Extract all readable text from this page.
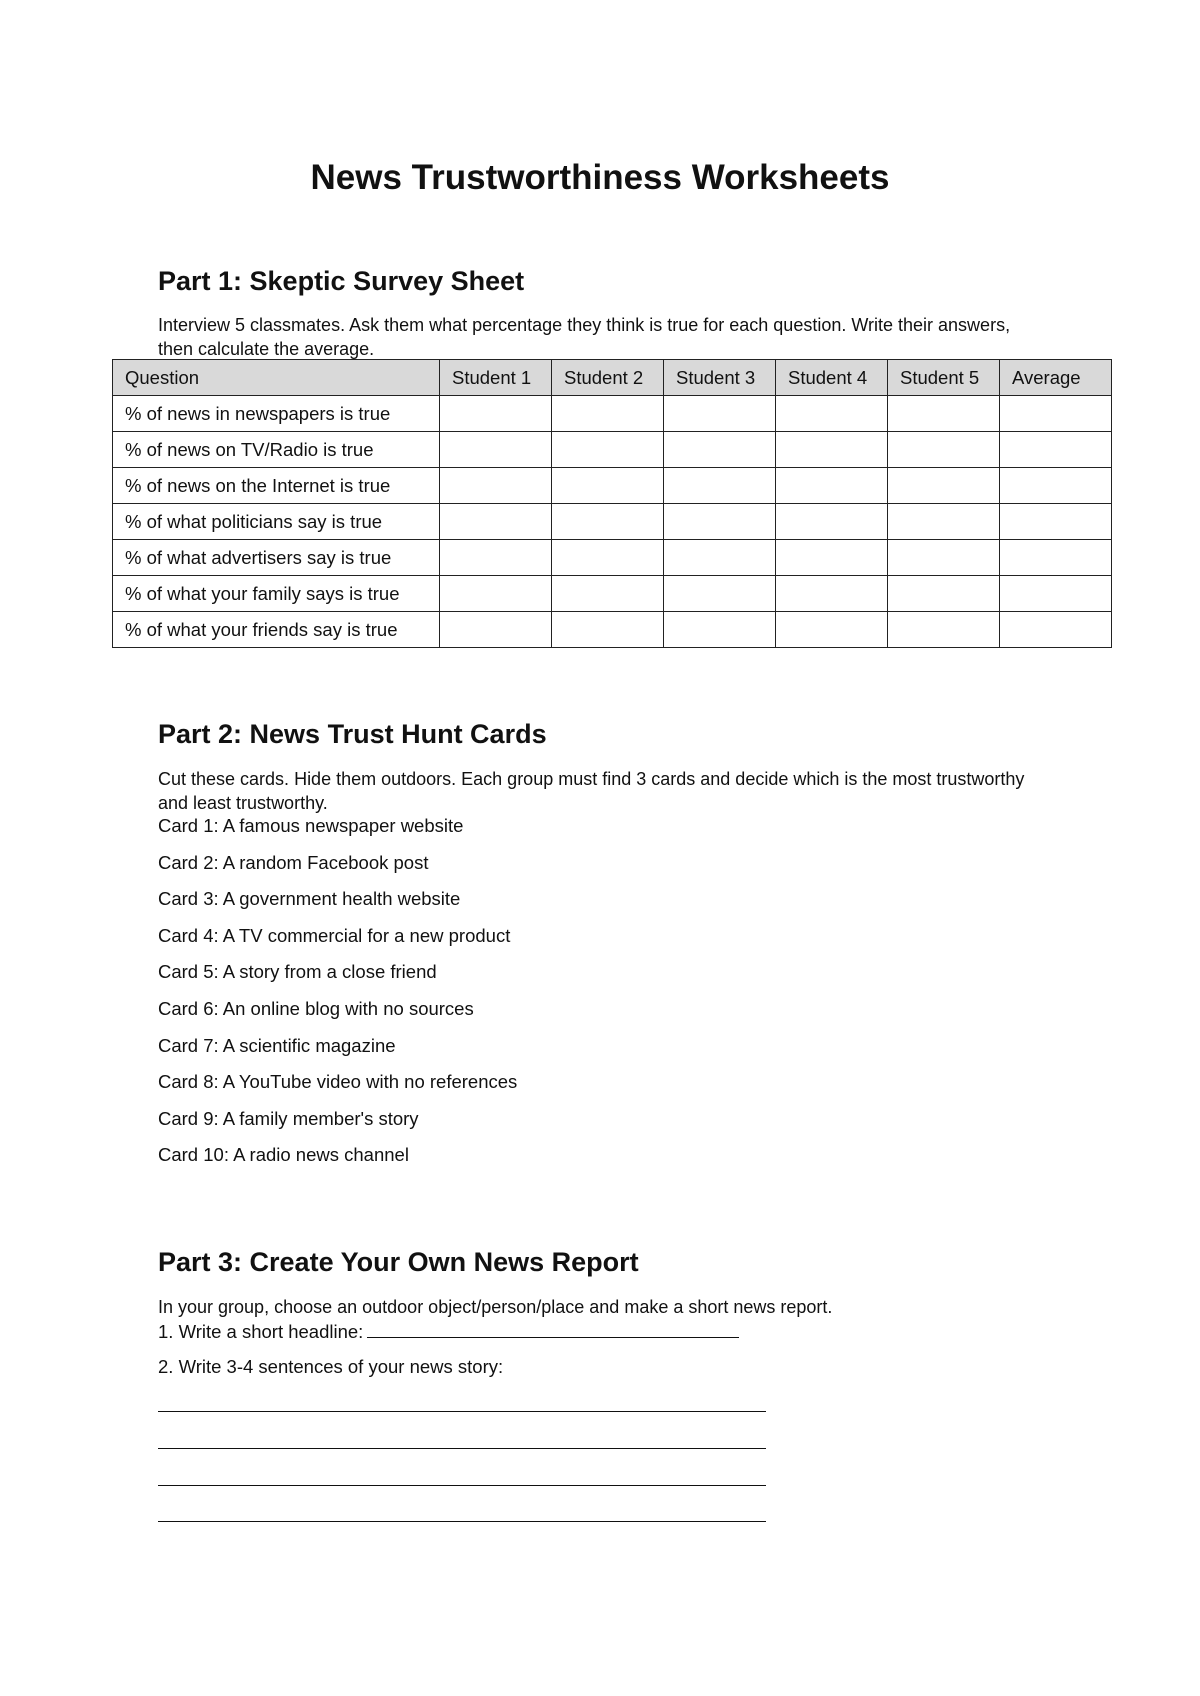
News Trustworthiness Worksheets
Part 1: Skeptic Survey Sheet

Interview 5 classmates. Ask them what percentage they think is true for each question. Write their answers, then calculate the average.

Question	Student 1	Student 2	Student 3	Student 4	Student 5	Average
% of news in newspapers is true						
% of news on TV/Radio is true						
% of news on the Internet is true						
% of what politicians say is true						
% of what advertisers say is true						
% of what your family says is true						
% of what your friends say is true						
Part 2: News Trust Hunt Cards

Cut these cards. Hide them outdoors. Each group must find 3 cards and decide which is the most trustworthy and least trustworthy.

Card 1: A famous newspaper website
Card 2: A random Facebook post
Card 3: A government health website
Card 4: A TV commercial for a new product
Card 5: A story from a close friend
Card 6: An online blog with no sources
Card 7: A scientific magazine
Card 8: A YouTube video with no references
Card 9: A family member's story
Card 10: A radio news channel
Part 3: Create Your Own News Report

In your group, choose an outdoor object/person/place and make a short news report.

1. Write a short headline:
2. Write 3-4 sentences of your news story:
